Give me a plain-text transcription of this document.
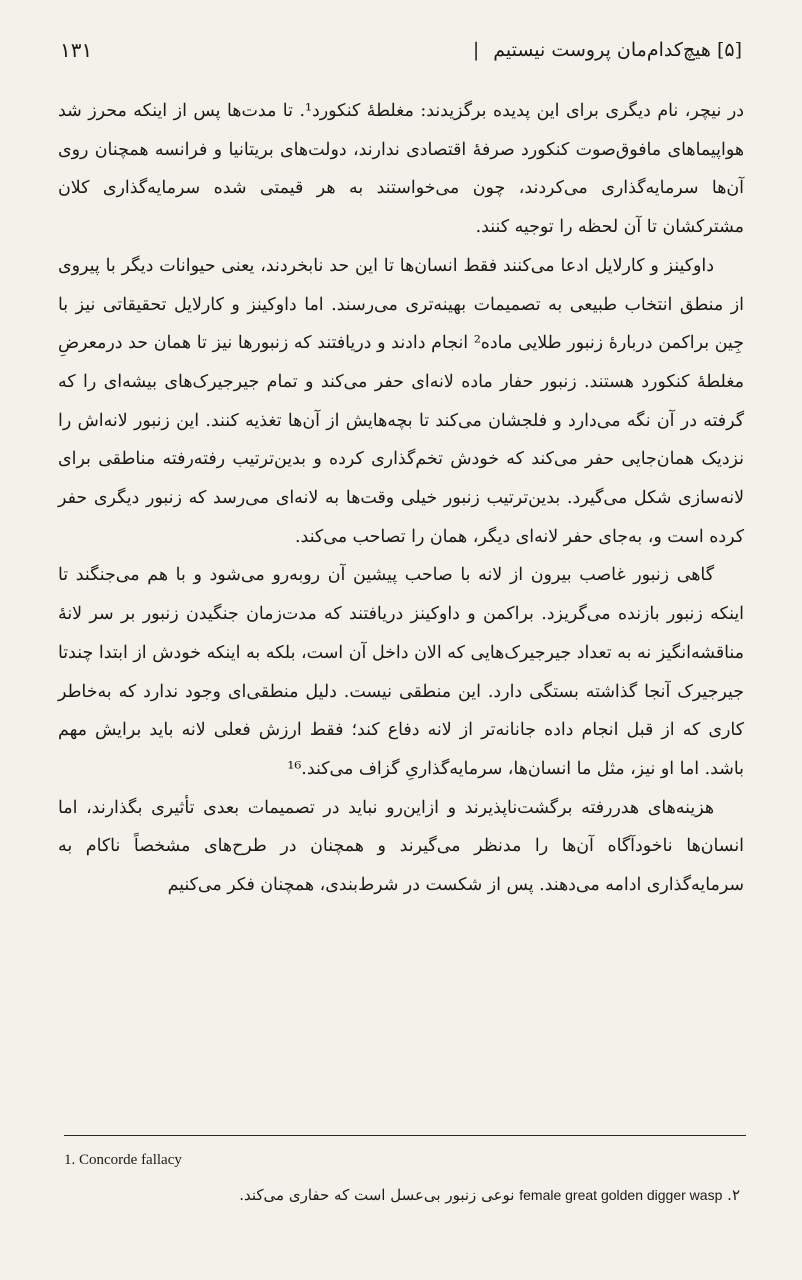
[۵] هیچ‌کدام‌مان پروست نیستیم
|
۱۳۱

در نیچر، نام دیگری برای این پدیده برگزیدند: مغلطهٔ کنکورد¹. تا مدت‌ها پس از اینکه محرز شد هواپیماهای مافوق‌صوت کنکورد صرفهٔ اقتصادی ندارند، دولت‌های بریتانیا و فرانسه همچنان روی آن‌ها سرمایه‌گذاری می‌کردند، چون می‌خواستند به هر قیمتی شده سرمایه‌گذاری کلان مشترکشان تا آن لحظه را توجیه کنند.

داوکینز و کارلایل ادعا می‌کنند فقط انسان‌ها تا این حد نابخردند، یعنی حیوانات دیگر با پیروی از منطق انتخاب طبیعی به تصمیمات بهینه‌تری می‌رسند. اما داوکینز و کارلایل تحقیقاتی نیز با جِین براکمن دربارهٔ زنبور طلایی ماده² انجام دادند و دریافتند که زنبورها نیز تا همان حد درمعرضِ مغلطهٔ کنکورد هستند. زنبور حفار ماده لانه‌ای حفر می‌کند و تمام جیرجیرک‌های بیشه‌ای را که گرفته در آن نگه می‌دارد و فلجشان می‌کند تا بچه‌هایش از آن‌ها تغذیه کنند. این زنبور لانه‌اش را نزدیک همان‌جایی حفر می‌کند که خودش تخم‌گذاری کرده و بدین‌ترتیب رفته‌رفته مناطقی برای لانه‌سازی شکل می‌گیرد. بدین‌ترتیب زنبور خیلی وقت‌ها به لانه‌ای می‌رسد که زنبور دیگری حفر کرده است و، به‌جای حفر لانه‌ای دیگر، همان را تصاحب می‌کند.

گاهی زنبور غاصب بیرون از لانه با صاحب پیشین آن روبه‌رو می‌شود و با هم می‌جنگند تا اینکه زنبور بازنده می‌گریزد. براکمن و داوکینز دریافتند که مدت‌زمان جنگیدن زنبور بر سر لانهٔ مناقشه‌انگیز نه به تعداد جیرجیرک‌هایی که الان داخل آن است، بلکه به اینکه خودش از ابتدا چندتا جیرجیرک آنجا گذاشته بستگی دارد. این منطقی نیست. دلیل منطقی‌ای وجود ندارد که به‌خاطر کاری که از قبل انجام داده جانانه‌تر از لانه دفاع کند؛ فقط ارزش فعلی لانه باید برایش مهم باشد. اما او نیز، مثل ما انسان‌ها، سرمایه‌گذاریِ گزاف می‌کند.¹⁶

هزینه‌های هدررفته برگشت‌ناپذیرند و ازاین‌رو نباید در تصمیمات بعدی تأثیری بگذارند، اما انسان‌ها ناخودآگاه آن‌ها را مدنظر می‌گیرند و همچنان در طرح‌های مشخصاً ناکام به سرمایه‌گذاری ادامه می‌دهند. پس از شکست در شرط‌بندی، همچنان فکر می‌کنیم

1. Concorde fallacy
۲. female great golden digger wasp نوعی زنبور بی‌عسل است که حفاری می‌کند.
